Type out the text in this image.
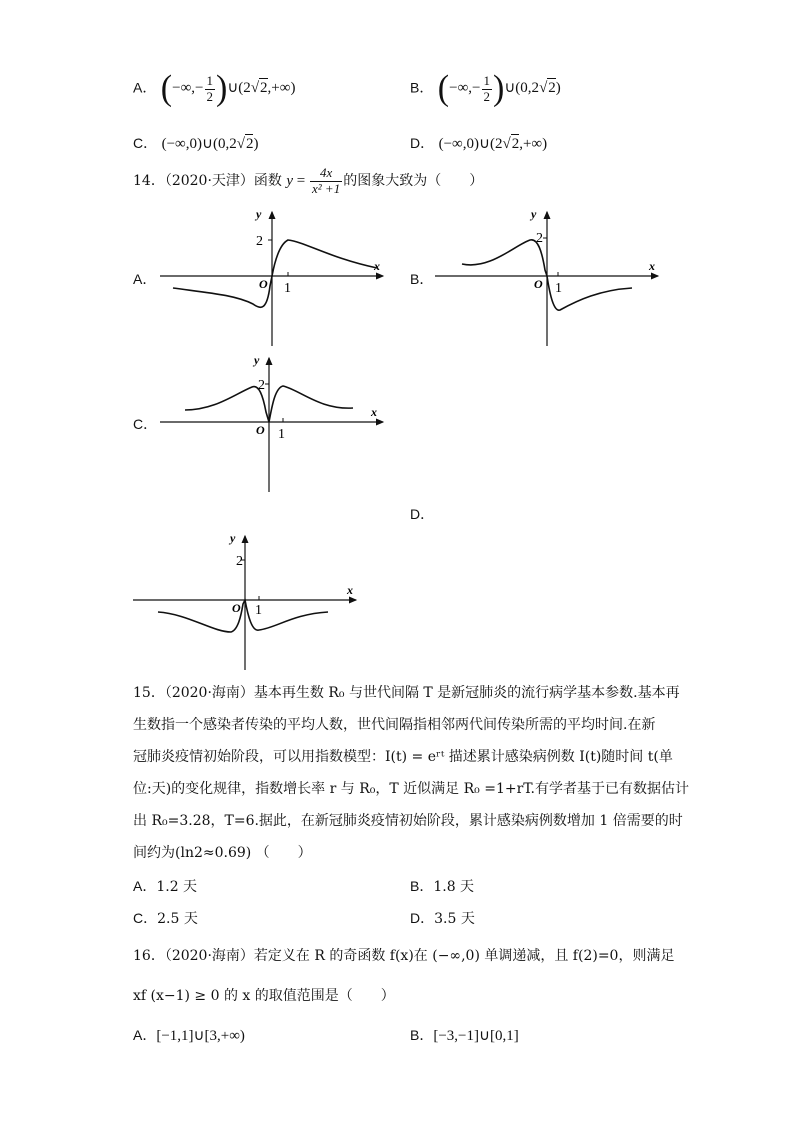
A． (−∞,− $\frac{1}{2}$ )∪(2√2,+∞)	B． (−∞,− $\frac{1}{2}$ )∪(0,2√2)
C． (−∞,0)∪(0,2√2)	D． (−∞,0)∪(2√2,+∞)
14．（2020·天津）函数 $y = \frac{4x}{\text{x² +1}}$ 的图象大致为（　　）
A．	B．
C．
D．
y
x
2
O 1
y
x
2
O 1
y
x
2
O 1
y
x
2
O 1
15．（2020·海南）基本再生数 R₀ 与世代间隔 T 是新冠肺炎的流行病学基本参数.基本再
生数指一个感染者传染的平均人数，世代间隔指相邻两代间传染所需的平均时间.在新
冠肺炎疫情初始阶段，可以用指数模型：I(t) = eʳᵗ 描述累计感染病例数 I(t)随时间 t(单
位:天)的变化规律，指数增长率 r 与 R₀，T 近似满足 R₀ =1+rT.有学者基于已有数据估计
出 R₀=3.28，T=6.据此，在新冠肺炎疫情初始阶段，累计感染病例数增加 1 倍需要的时
间约为(ln2≈0.69) （　　）
A．1.2 天	B．1.8 天
C．2.5 天	D．3.5 天
16．（2020·海南）若定义在 R 的奇函数 f(x)在 (−∞,0) 单调递减，且 f(2)=0，则满足
xf (x−1) ≥ 0 的 x 的取值范围是（　　）
A．[−1,1]∪[3,+∞)	B．[−3,−1]∪[0,1]
